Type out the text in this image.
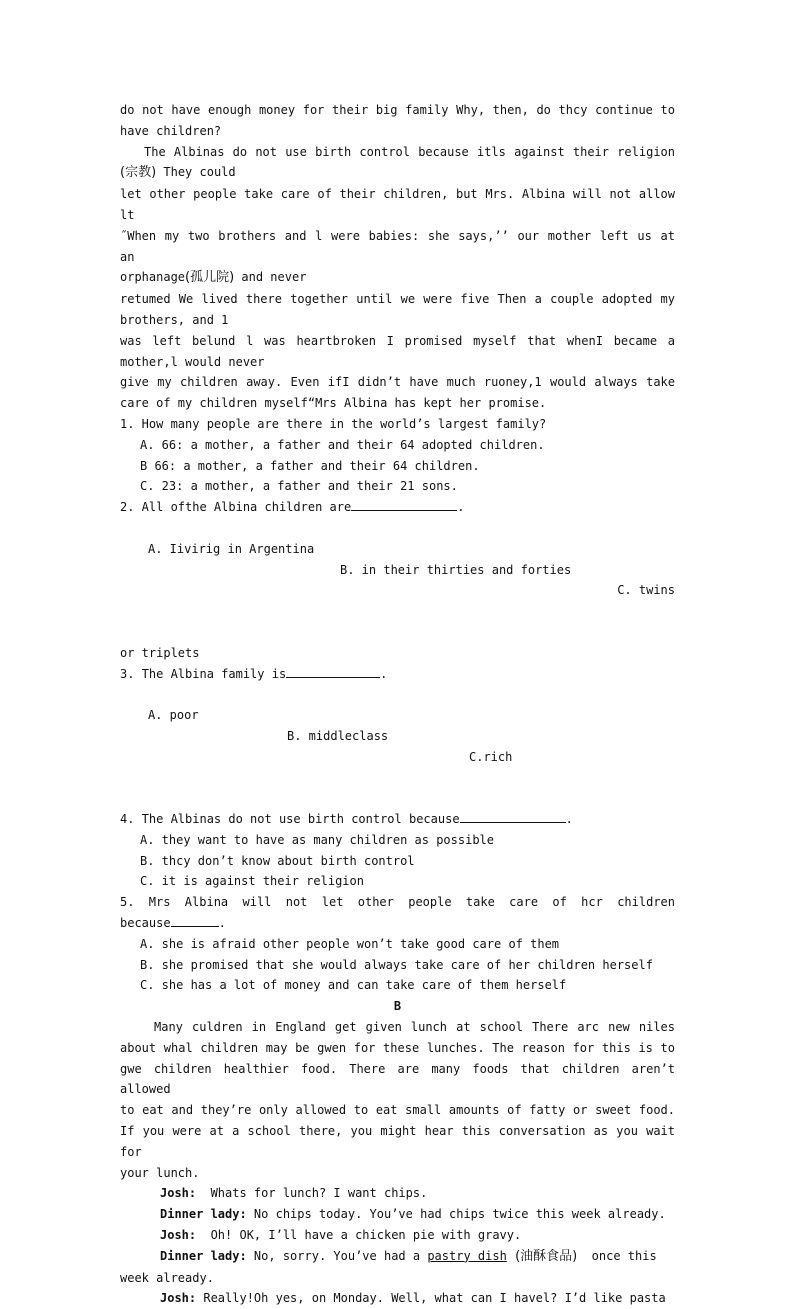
do not have enough money for their big family Why, then, do thcy continue to
have children?
The Albinas do not use birth control because itls against their religion
(宗教) They could
let other people take care of their children, but Mrs. Albina will not allow lt
˝When my two brothers and l were babies: she says,’’ our mother left us at an
orphanage(孤儿院) and never
retumed We lived there together until we were five Then a couple adopted my
brothers, and 1
was left belund l was heartbroken I promised myself that whenI became a
mother,l would never
give my children away. Even ifI didn’t have much ruoney,1 would always take
care of my children myself“Mrs Albina has kept her promise.
1. How many people are there in the world’s largest family?
A. 66: a mother, a father and their 64 adopted children.
B 66: a mother, a father and their 64 children.
C. 23: a mother, a father and their 21 sons.
2. All ofthe Albina children are	.

A. Iivirig in Argentina

B. in their thirties and forties

C. twins

or triplets
3. The Albina family is	.

A. poor

B. middleclass

C.rich

4. The Albinas do not use birth control because	.
A. they want to have as many children as possible
B. thcy don’t know about birth control
C. it is against their religion
5. Mrs Albina will not let other people take care of hcr children
because	.
A. she is afraid other people won’t take good care of them
B. she promised that she would always take care of her children herself
C. she has a lot of money and can take care of them herself
B
Many culdren in England get given lunch at school There arc new niles
about whal children may be gwen for these lunches. The reason for this is to
gwe children healthier food. There are many foods that children aren’t allowed
to eat and they’re only allowed to eat small amounts of fatty or sweet food.
If you were at a school there, you might hear this conversation as you wait for
your lunch.
Josh:  Whats for lunch? I want chips.
Dinner lady: No chips today. You’ve had chips twice this week already.
Josh:  Oh! OK, I’ll have a chicken pie with gravy.
Dinner lady: No, sorry. You’ve had a pastry dish  (油酥食品)  once this
week already.
Josh: Really!Oh yes, on Monday. Well, what can I havel? I’d like pasta
